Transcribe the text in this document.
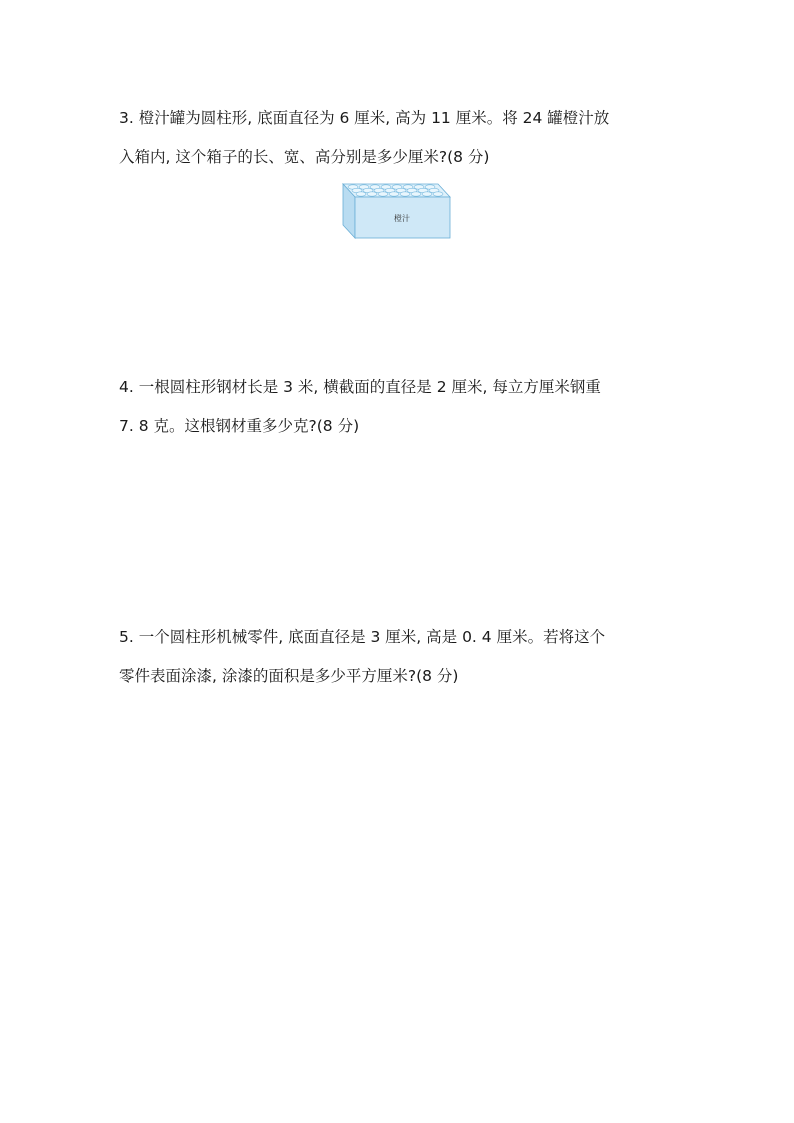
3. 橙汁罐为圆柱形, 底面直径为 6 厘米, 高为 11 厘米。将 24 罐橙汁放
入箱内, 这个箱子的长、宽、高分别是多少厘米?(8 分)
橙汁
4. 一根圆柱形钢材长是 3 米, 横截面的直径是 2 厘米, 每立方厘米钢重
7. 8 克。这根钢材重多少克?(8 分)
5. 一个圆柱形机械零件, 底面直径是 3 厘米, 高是 0. 4 厘米。若将这个
零件表面涂漆, 涂漆的面积是多少平方厘米?(8 分)
